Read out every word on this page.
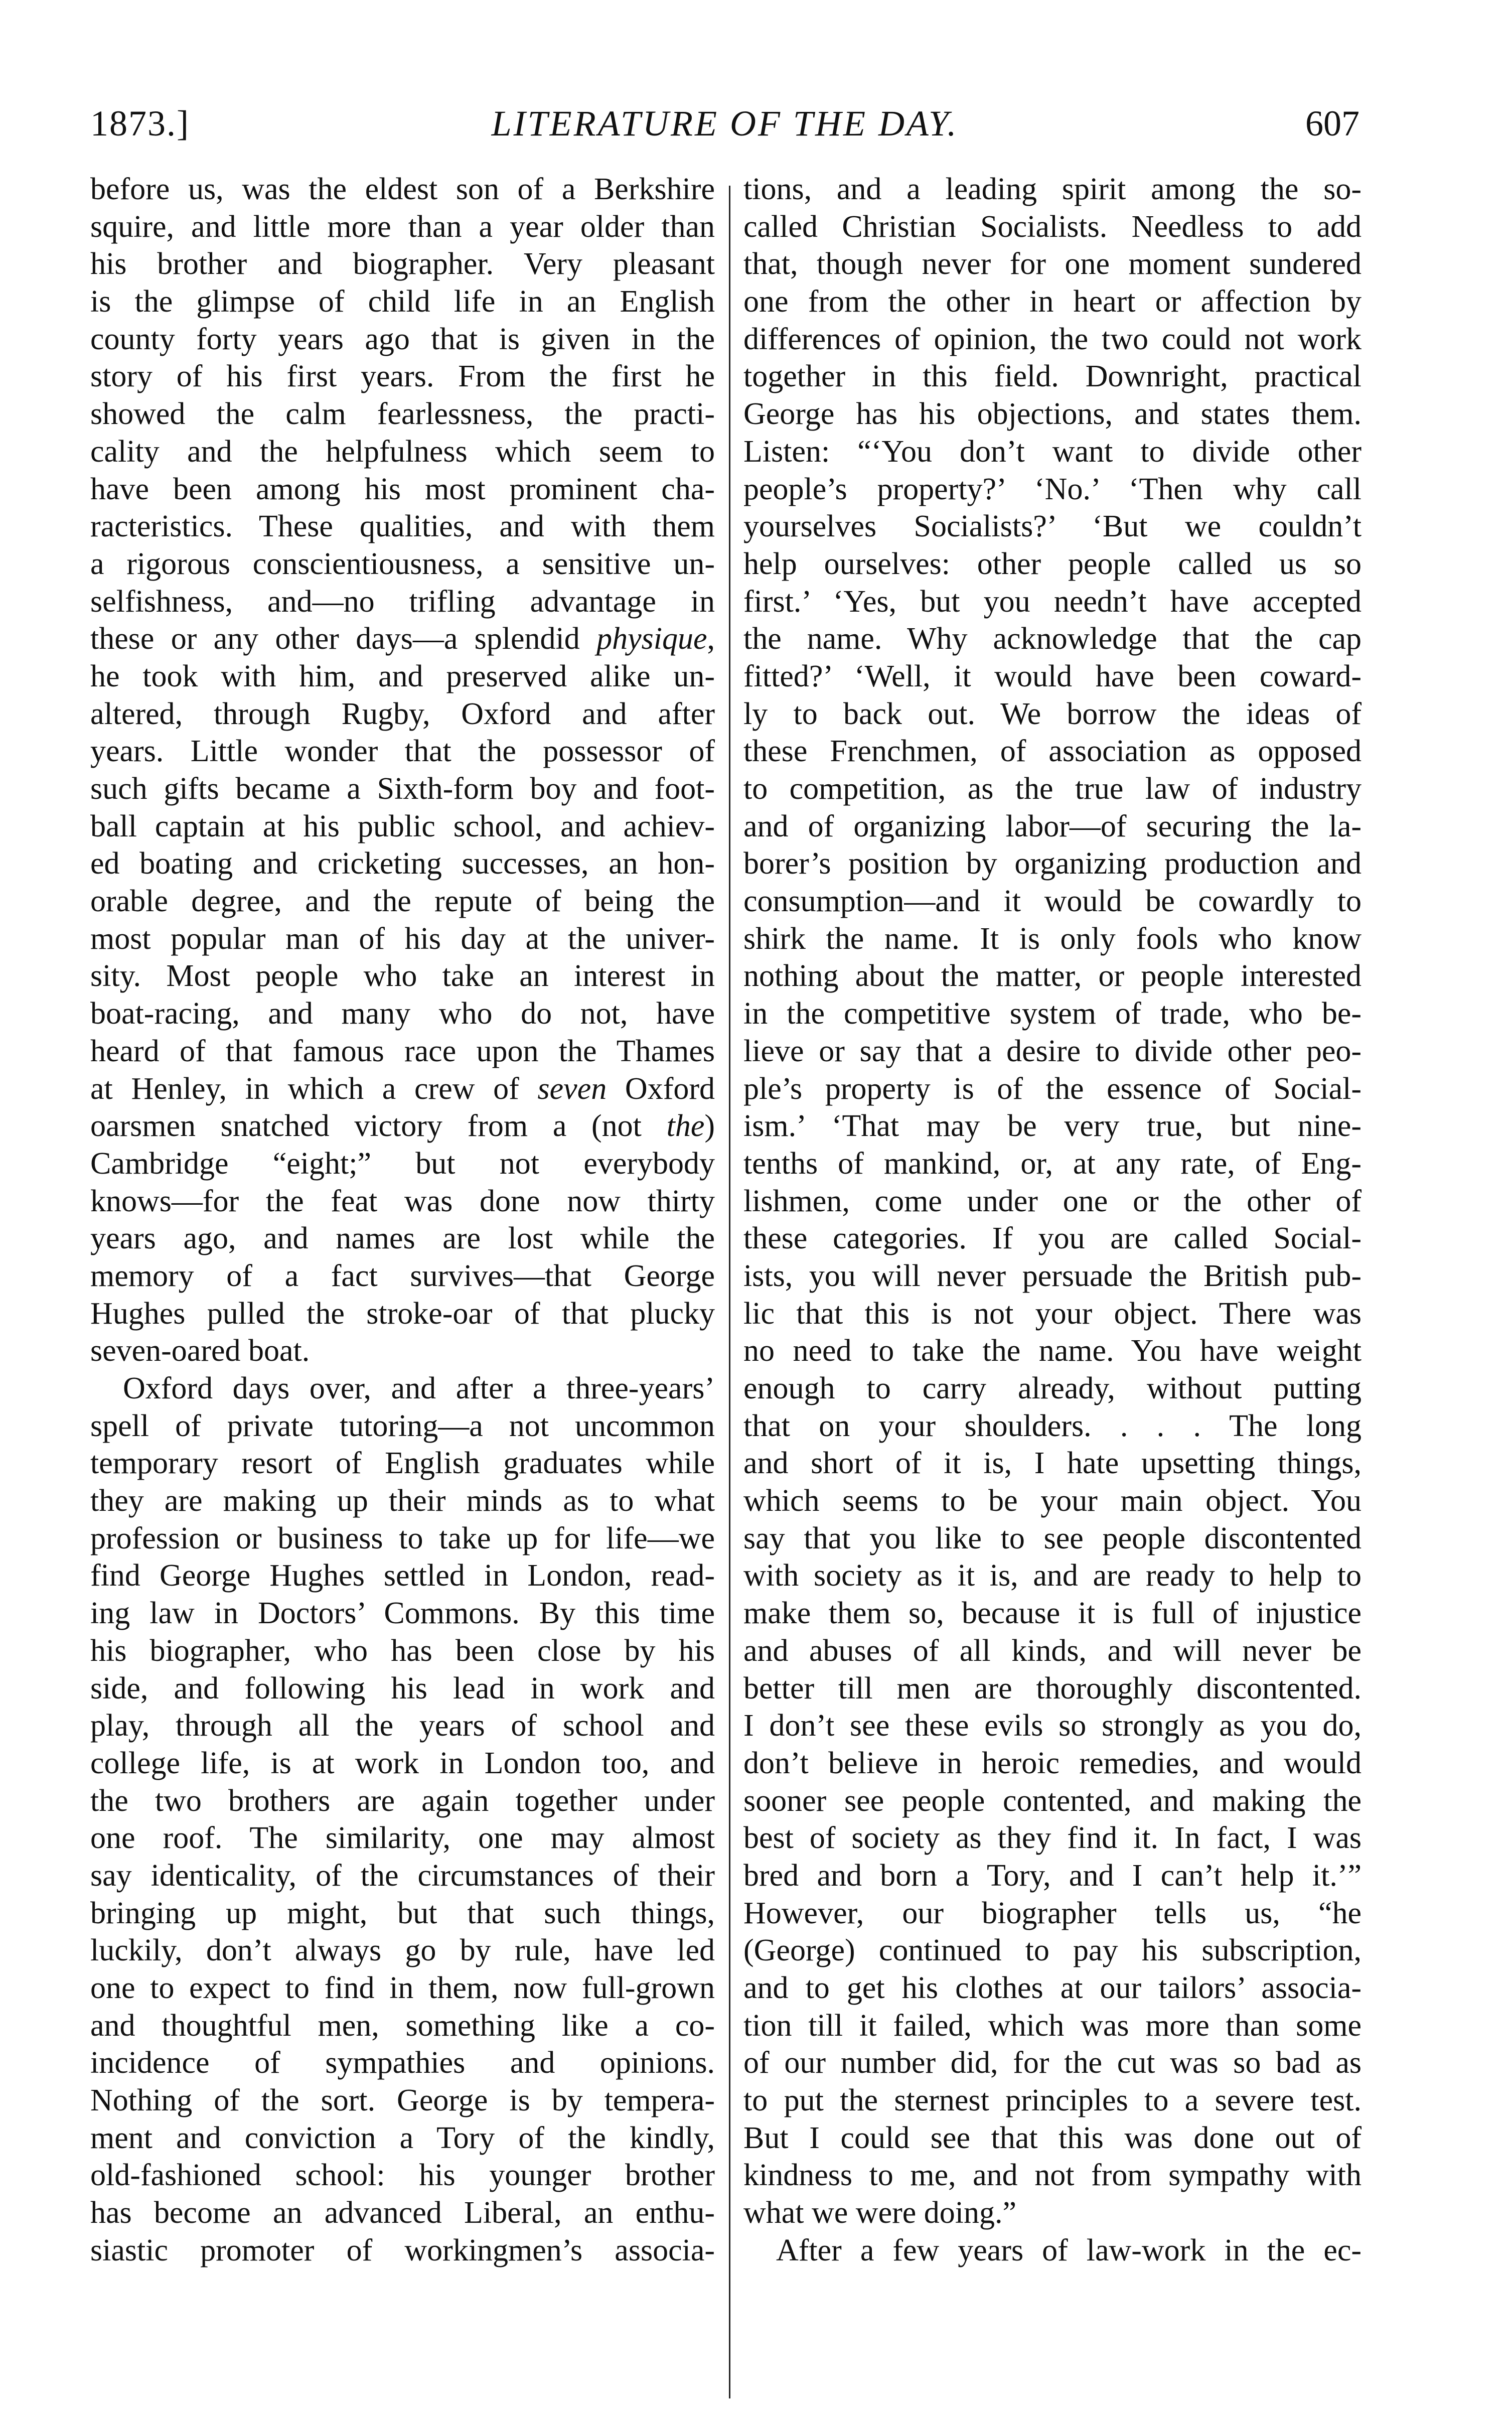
LITERATURE OF THE DAY.
1873.]	607
before us, was the eldest son of a Berkshire
squire, and little more than a year older than
his brother and biographer. Very pleasant
is the glimpse of child life in an English
county forty years ago that is given in the
story of his first years. From the first he
showed the calm fearlessness, the practi-
cality and the helpfulness which seem to
have been among his most prominent cha-
racteristics. These qualities, and with them
a rigorous conscientiousness, a sensitive un-
selfishness, and—no trifling advantage in
these or any other days—a splendid physique,
he took with him, and preserved alike un-
altered, through Rugby, Oxford and after
years. Little wonder that the possessor of
such gifts became a Sixth-form boy and foot-
ball captain at his public school, and achiev-
ed boating and cricketing successes, an hon-
orable degree, and the repute of being the
most popular man of his day at the univer-
sity. Most people who take an interest in
boat-racing, and many who do not, have
heard of that famous race upon the Thames
at Henley, in which a crew of seven Oxford
oarsmen snatched victory from a (not the)
Cambridge “eight;” but not everybody
knows—for the feat was done now thirty
years ago, and names are lost while the
memory of a fact survives—that George
Hughes pulled the stroke-oar of that plucky
seven-oared boat.
Oxford days over, and after a three-years’
spell of private tutoring—a not uncommon
temporary resort of English graduates while
they are making up their minds as to what
profession or business to take up for life—we
find George Hughes settled in London, read-
ing law in Doctors’ Commons. By this time
his biographer, who has been close by his
side, and following his lead in work and
play, through all the years of school and
college life, is at work in London too, and
the two brothers are again together under
one roof. The similarity, one may almost
say identicality, of the circumstances of their
bringing up might, but that such things,
luckily, don’t always go by rule, have led
one to expect to find in them, now full-grown
and thoughtful men, something like a co-
incidence of sympathies and opinions.
Nothing of the sort. George is by tempera-
ment and conviction a Tory of the kindly,
old-fashioned school: his younger brother
has become an advanced Liberal, an enthu-
siastic promoter of workingmen’s associa-
tions, and a leading spirit among the so-
called Christian Socialists. Needless to add
that, though never for one moment sundered
one from the other in heart or affection by
differences of opinion, the two could not work
together in this field. Downright, practical
George has his objections, and states them.
Listen: “‘You don’t want to divide other
people’s property?’ ‘No.’ ‘Then why call
yourselves Socialists?’ ‘But we couldn’t
help ourselves: other people called us so
first.’ ‘Yes, but you needn’t have accepted
the name. Why acknowledge that the cap
fitted?’ ‘Well, it would have been coward-
ly to back out. We borrow the ideas of
these Frenchmen, of association as opposed
to competition, as the true law of industry
and of organizing labor—of securing the la-
borer’s position by organizing production and
consumption—and it would be cowardly to
shirk the name. It is only fools who know
nothing about the matter, or people interested
in the competitive system of trade, who be-
lieve or say that a desire to divide other peo-
ple’s property is of the essence of Social-
ism.’ ‘That may be very true, but nine-
tenths of mankind, or, at any rate, of Eng-
lishmen, come under one or the other of
these categories. If you are called Social-
ists, you will never persuade the British pub-
lic that this is not your object. There was
no need to take the name. You have weight
enough to carry already, without putting
that on your shoulders. . . . The long
and short of it is, I hate upsetting things,
which seems to be your main object. You
say that you like to see people discontented
with society as it is, and are ready to help to
make them so, because it is full of injustice
and abuses of all kinds, and will never be
better till men are thoroughly discontented.
I don’t see these evils so strongly as you do,
don’t believe in heroic remedies, and would
sooner see people contented, and making the
best of society as they find it. In fact, I was
bred and born a Tory, and I can’t help it.’”
However, our biographer tells us, “he
(George) continued to pay his subscription,
and to get his clothes at our tailors’ associa-
tion till it failed, which was more than some
of our number did, for the cut was so bad as
to put the sternest principles to a severe test.
But I could see that this was done out of
kindness to me, and not from sympathy with
what we were doing.”
After a few years of law-work in the ec-
